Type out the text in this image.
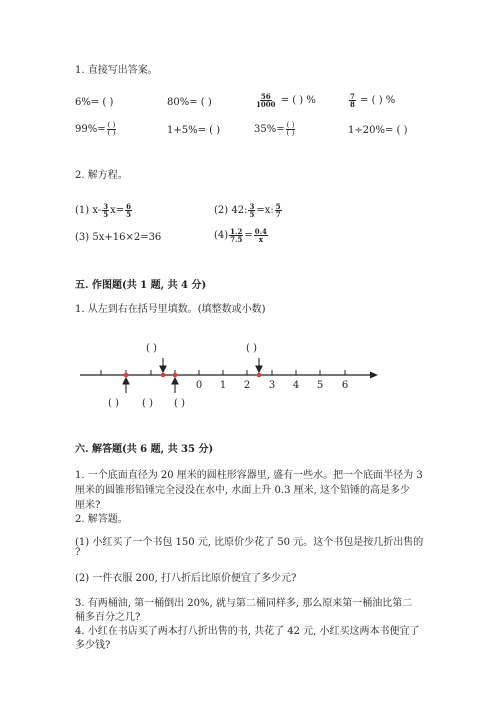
1. 直接写出答案。
6%= ( )	80%= ( )	$\frac{56}{1000}$ = ( ) %	$\frac{7}{8}$ = ( ) %
$99\%= \frac{( )}{( )}$	1+5%= ( )	$35\%= \frac{( )}{( )}$	1÷20%= ( )
2. 解方程。
(1) $x- \frac{3}{5} x= \frac{6}{5}$	(2) 42: $\frac{3}{5} =x$: $\frac{5}{7}$
(3) 5x+16×2=36	$(4) \frac{1.2}{7.5} = \frac{0.4}{x}$
五. 作图题(共 1 题, 共 4 分)
1. 从左到右在括号里填数。(填整数或小数)
( )	( )
( ) ( ) ( )
0 1 2 3 4 5 6
六. 解答题(共 6 题, 共 35 分)
1. 一个底面直径为 20 厘米的圆柱形容器里, 盛有一些水。把一个底面半径为 3
厘米的圆锥形铅锤完全浸没在水中, 水面上升 0.3 厘米, 这个铅锤的高是多少
厘米?
2. 解答题。
(1) 小红买了一个书包 150 元, 比原价少花了 50 元。这个书包是按几折出售的
?
(2) 一件衣服 200, 打八折后比原价便宜了多少元?
3. 有两桶油, 第一桶倒出 20%, 就与第二桶同样多, 那么原来第一桶油比第二
桶多百分之几?
4. 小红在书店买了两本打八折出售的书, 共花了 42 元, 小红买这两本书便宜了
多少钱?
